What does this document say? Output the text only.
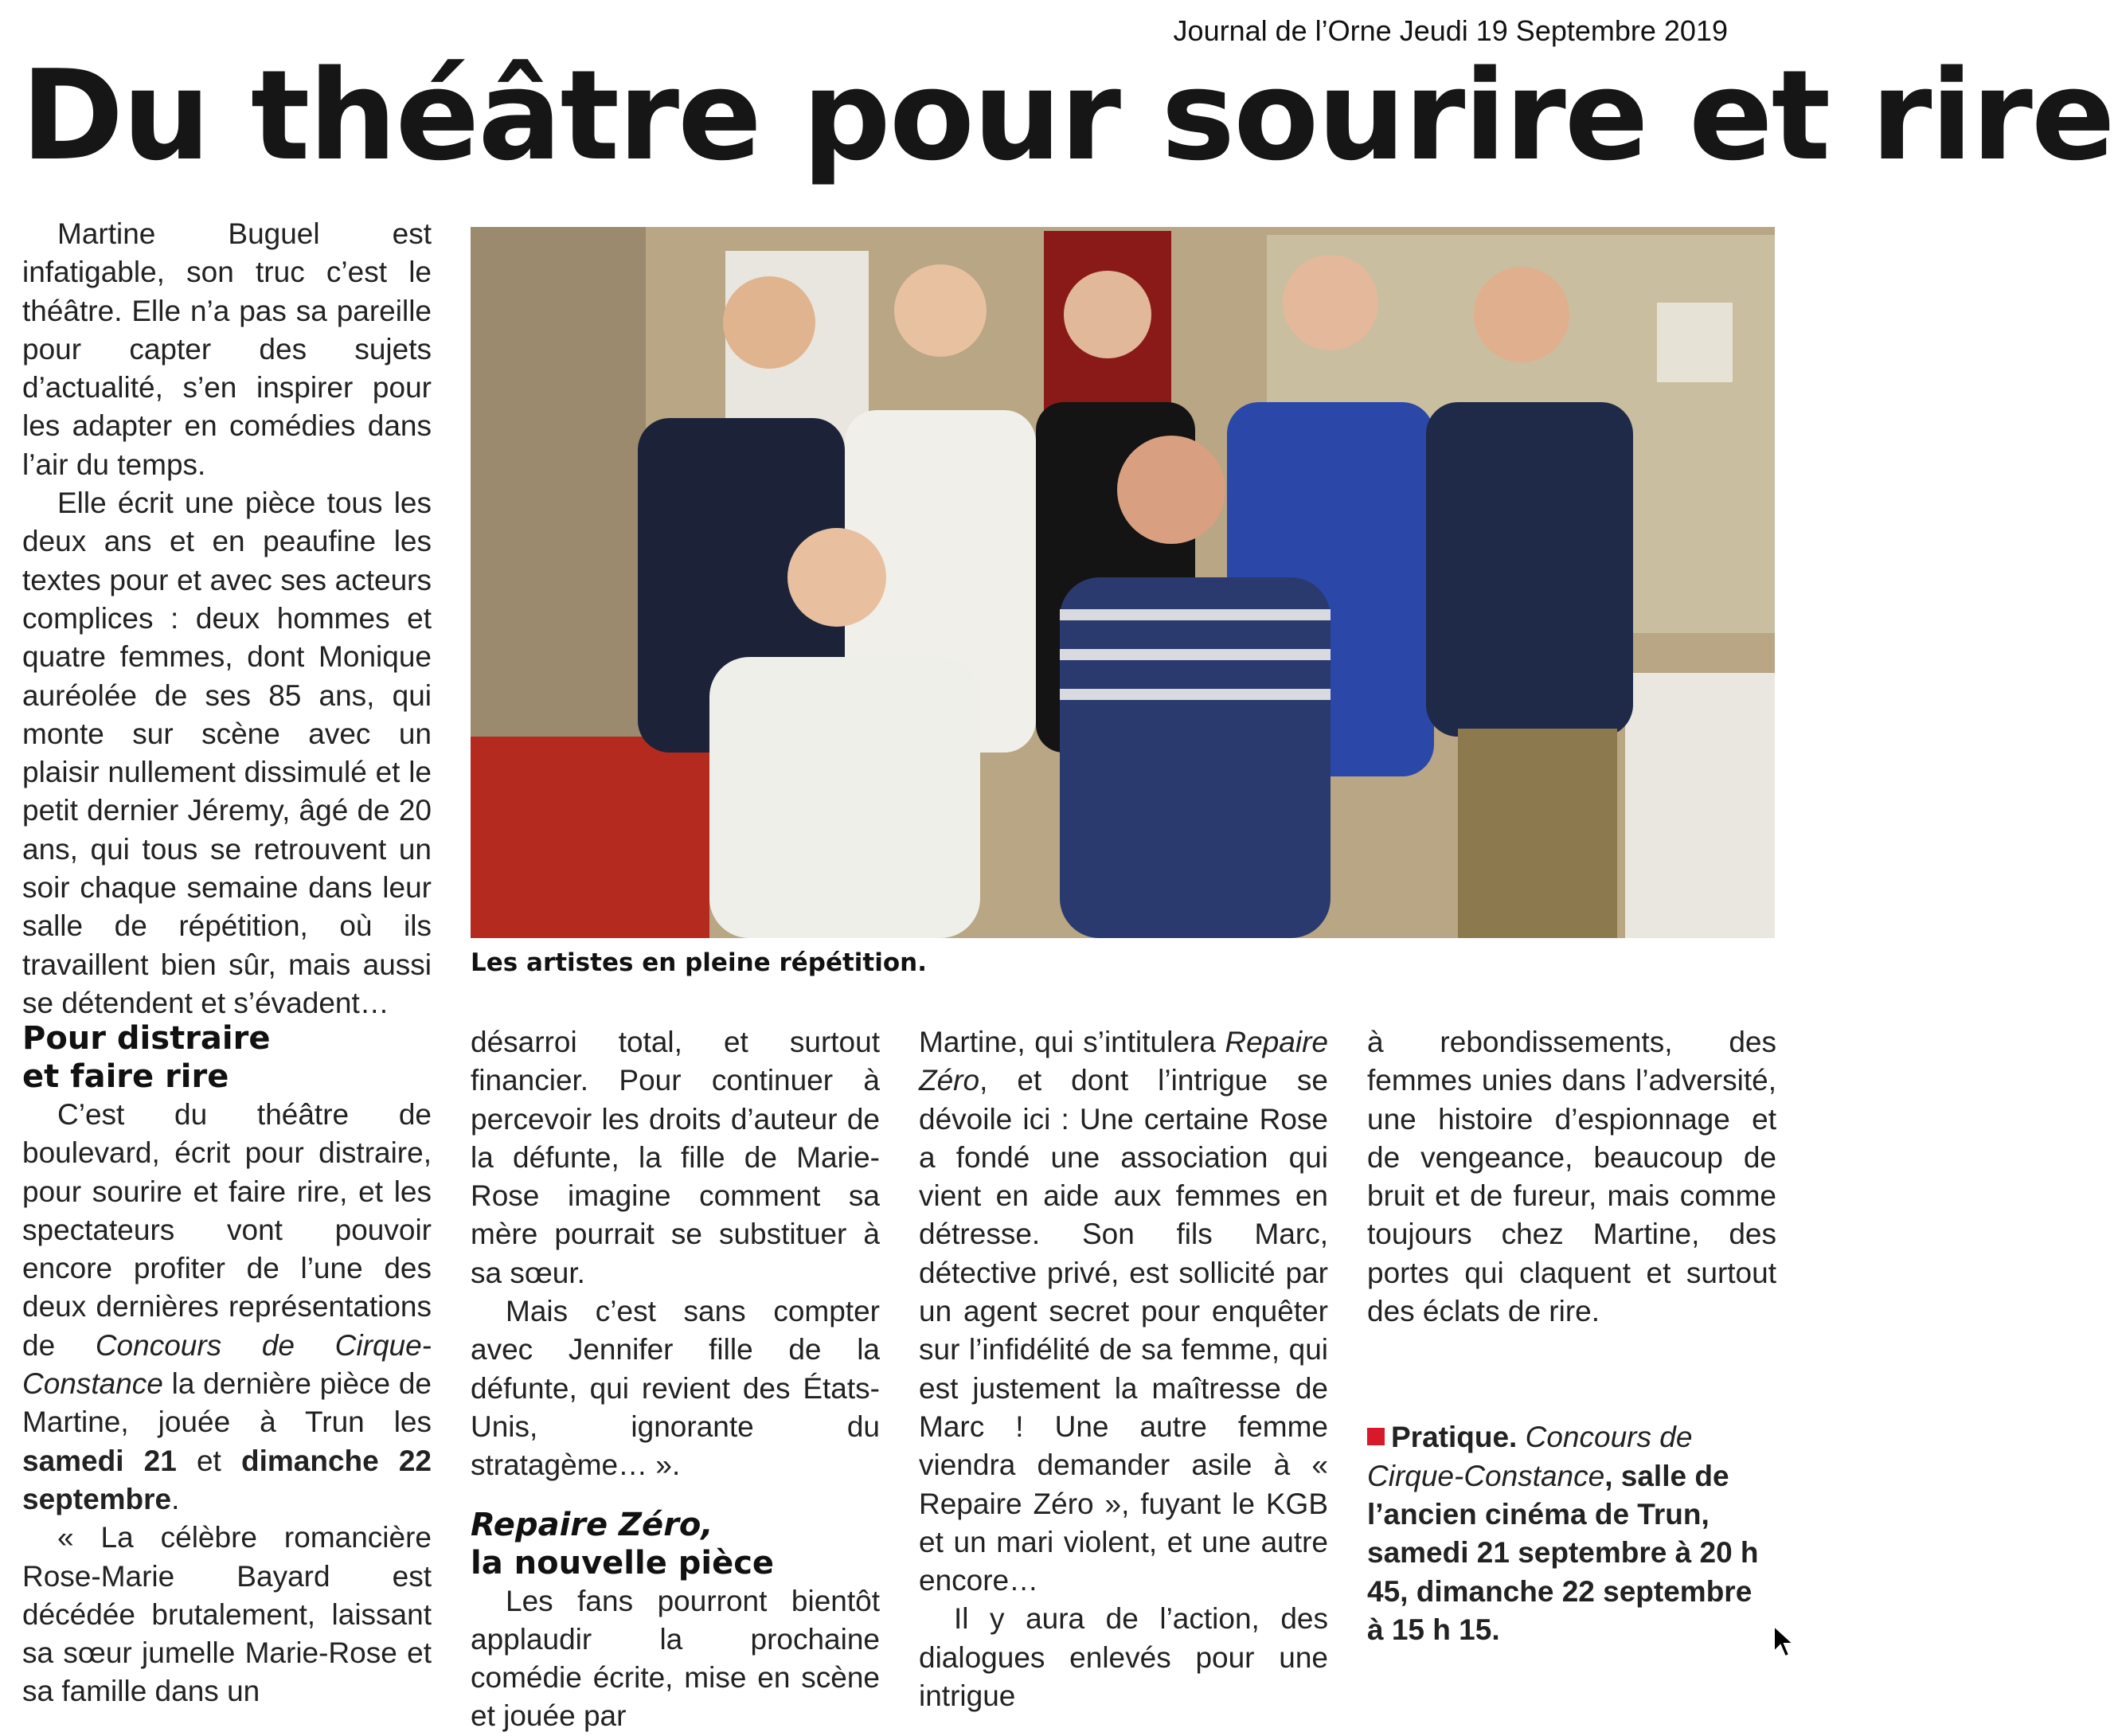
Journal de l’Orne Jeudi 19 Septembre 2019
Du théâtre pour sourire et rire

Martine Buguel est infatigable, son truc c’est le théâtre. Elle n’a pas sa pareille pour capter des sujets d’actualité, s’en inspirer pour les adapter en comédies dans l’air du temps.

Elle écrit une pièce tous les deux ans et en peaufine les textes pour et avec ses acteurs complices : deux hommes et quatre femmes, dont Monique auréolée de ses 85 ans, qui monte sur scène avec un plaisir nullement dissimulé et le petit dernier Jéremy, âgé de 20 ans, qui tous se retrouvent un soir chaque semaine dans leur salle de répétition, où ils travaillent bien sûr, mais aussi se détendent et s’évadent…

Pour distraire
et faire rire

C’est du théâtre de boulevard, écrit pour distraire, pour sourire et faire rire, et les spectateurs vont pouvoir encore profiter de l’une des deux dernières représentations de Concours de Cirque-Constance la dernière pièce de Martine, jouée à Trun les samedi 21 et dimanche 22 septembre.

« La célèbre romancière Rose-Marie Bayard est décédée brutalement, laissant sa sœur jumelle Marie-Rose et sa famille dans un

Les artistes en pleine répétition.

désarroi total, et surtout financier. Pour continuer à percevoir les droits d’auteur de la défunte, la fille de Marie-Rose imagine comment sa mère pourrait se substituer à sa sœur.

Mais c’est sans compter avec Jennifer fille de la défunte, qui revient des États-Unis, ignorante du stratagème… ».

Repaire Zéro,
la nouvelle pièce

Les fans pourront bientôt applaudir la prochaine comédie écrite, mise en scène et jouée par

Martine, qui s’intitulera Repaire Zéro, et dont l’intrigue se dévoile ici : Une certaine Rose a fondé une association qui vient en aide aux femmes en détresse. Son fils Marc, détective privé, est sollicité par un agent secret pour enquêter sur l’infidélité de sa femme, qui est justement la maîtresse de Marc ! Une autre femme viendra demander asile à « Repaire Zéro », fuyant le KGB et un mari violent, et une autre encore…

Il y aura de l’action, des dialogues enlevés pour une intrigue

à rebondissements, des femmes unies dans l’adversité, une histoire d’espionnage et de vengeance, beaucoup de bruit et de fureur, mais comme toujours chez Martine, des portes qui claquent et surtout des éclats de rire.

Pratique. Concours de Cirque-Constance, salle de l’ancien cinéma de Trun, samedi 21 septembre à 20 h 45, dimanche 22 septembre à 15 h 15.
